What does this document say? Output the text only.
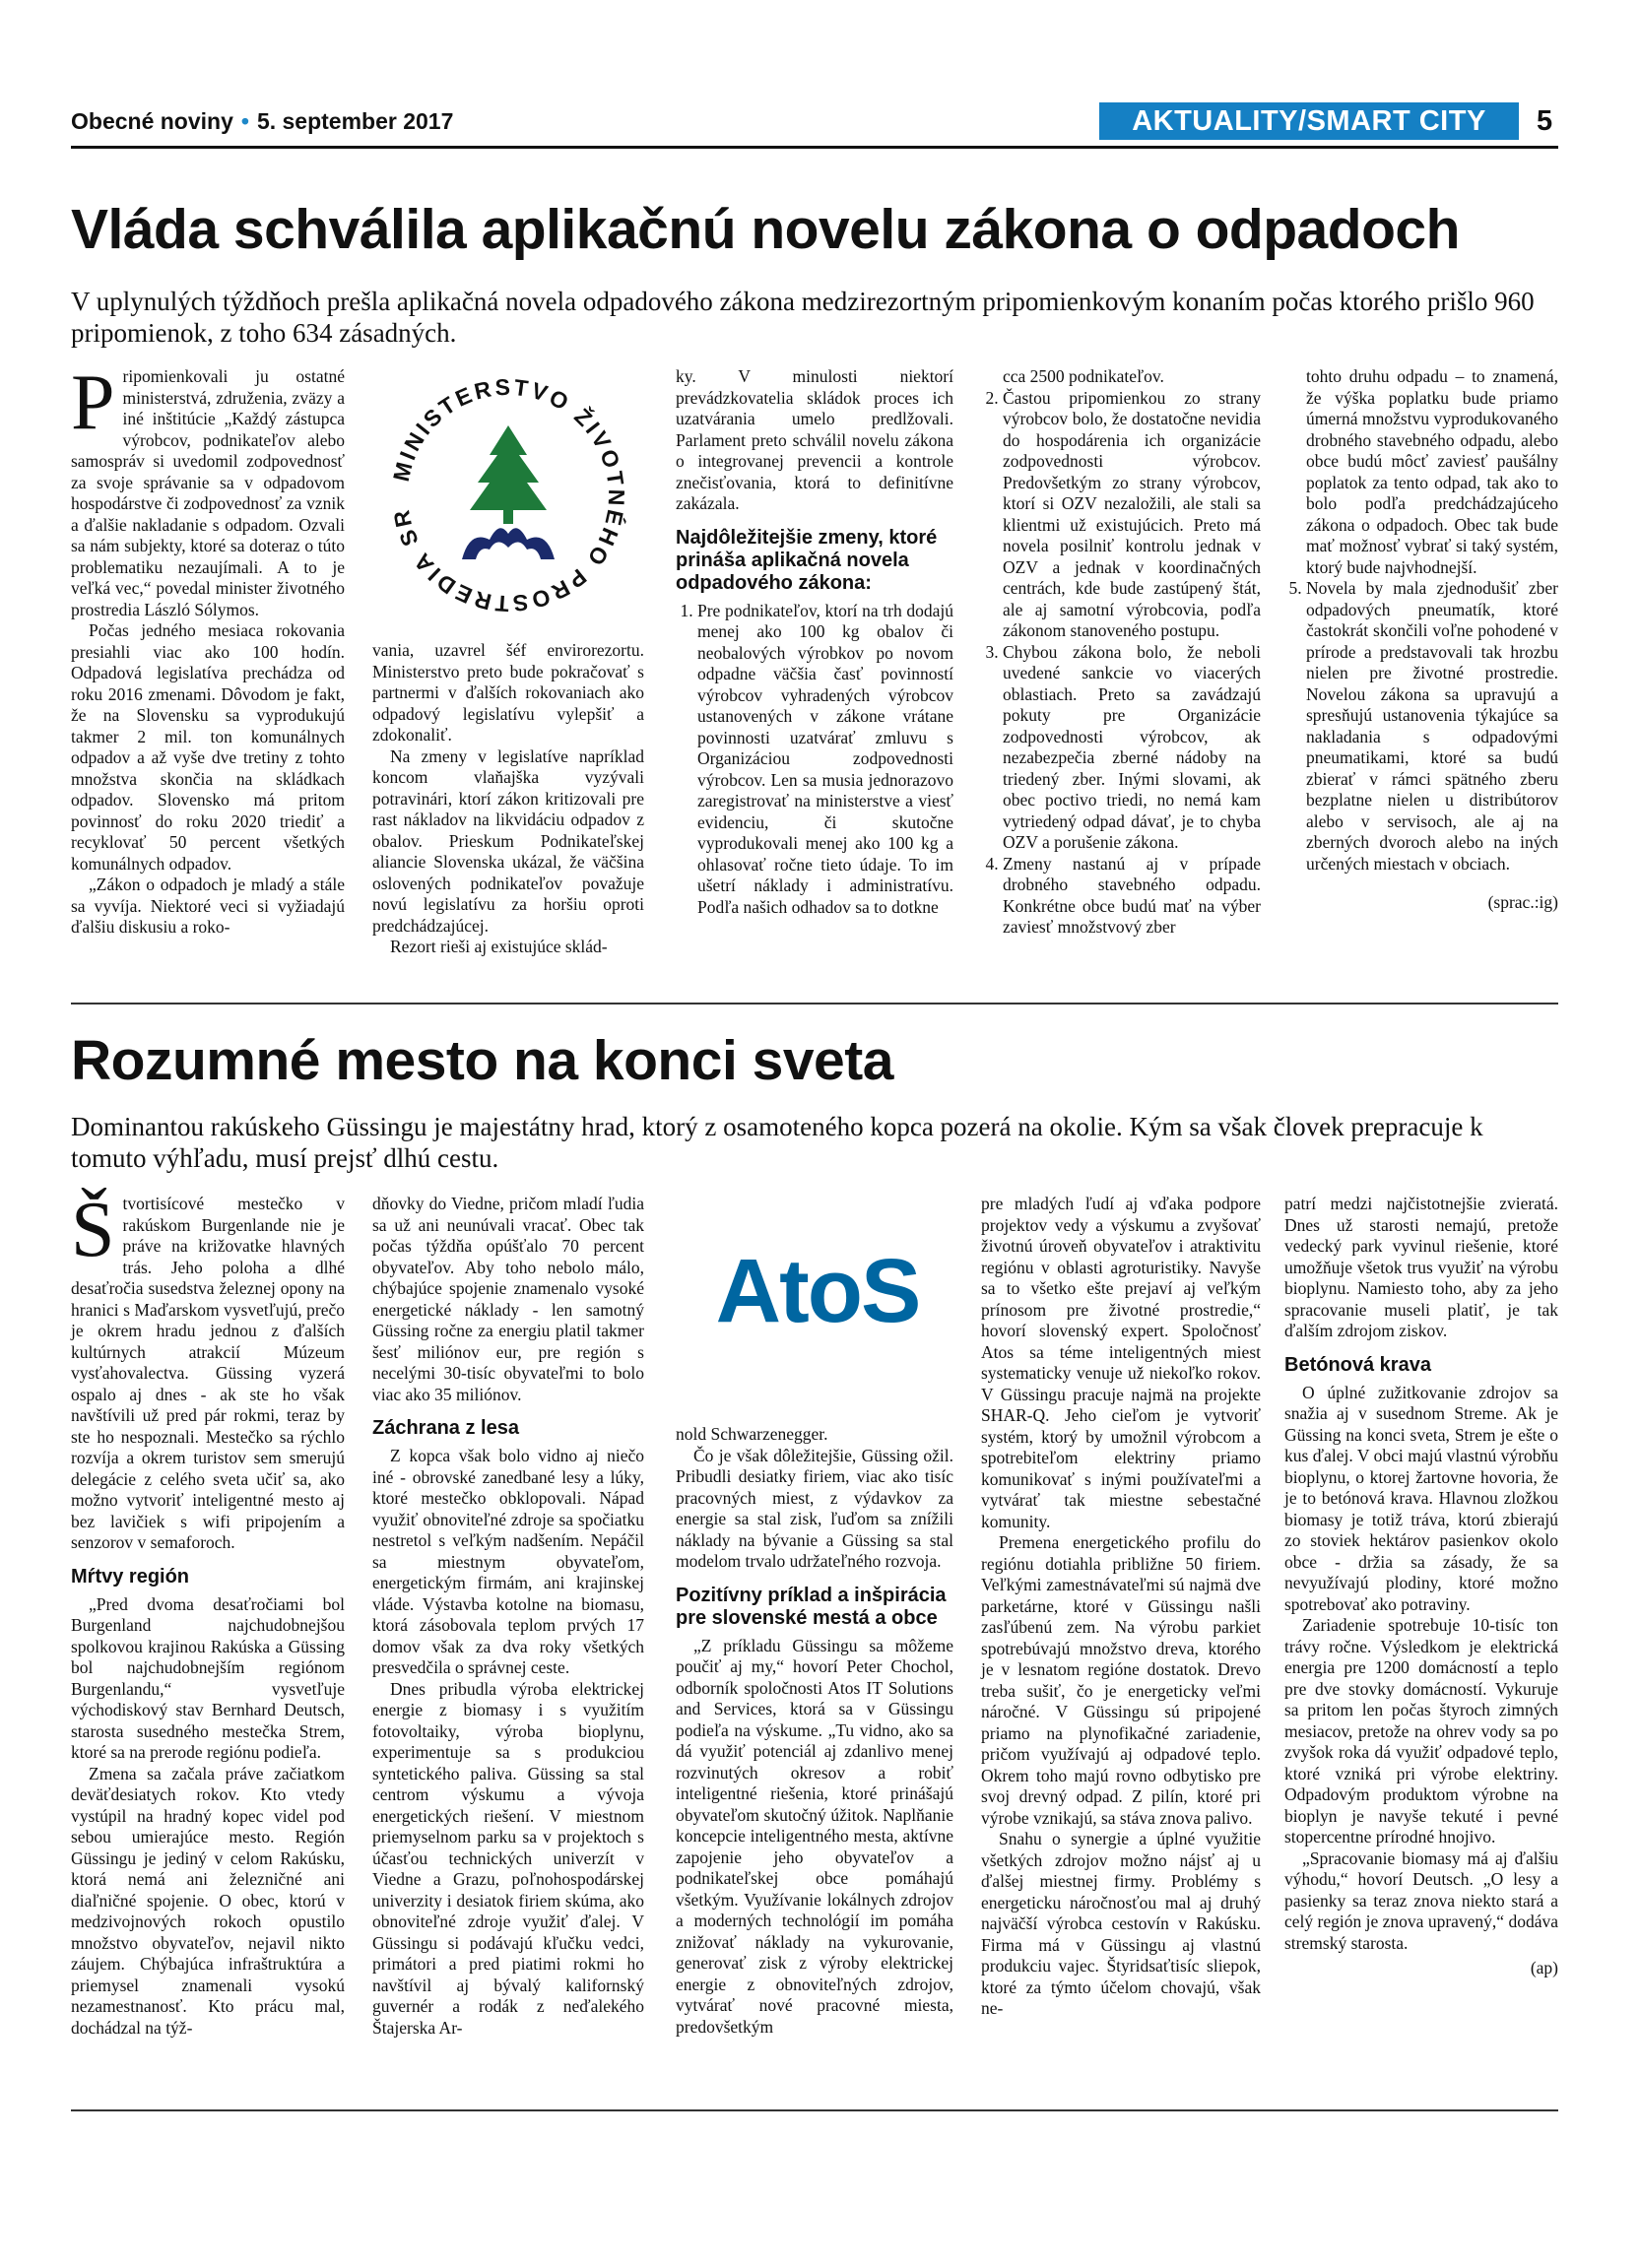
Obecné noviny • 5. september 2017	AKTUALITY/SMART CITY	5
Vláda schválila aplikačnú novelu zákona o odpadoch
V uplynulých týždňoch prešla aplikačná novela odpadového zákona medzirezortným pripomienkovým konaním počas ktorého prišlo 960 pripomienok, z toho 634 zásadných.

Pripomienkovali ju ostatné ministerstvá, združenia, zväzy a iné inštitúcie „Každý zástupca výrobcov, podnikateľov alebo samospráv si uvedomil zodpovednosť za svoje správanie sa v odpadovom hospodárstve či zodpovednosť za vznik a ďalšie nakladanie s odpadom. Ozvali sa nám subjekty, ktoré sa doteraz o túto problematiku nezaujímali. A to je veľká vec,“ povedal minister životného prostredia László Sólymos.

Počas jedného mesiaca rokovania presiahli viac ako 100 hodín. Odpadová legislatíva prechádza od roku 2016 zmenami. Dôvodom je fakt, že na Slovensku sa vyprodukujú takmer 2 mil. ton komunálnych odpadov a až vyše dve tretiny z tohto množstva skončia na skládkach odpadov. Slovensko má pritom povinnosť do roku 2020 triediť a recyklovať 50 percent všetkých komunálnych odpadov.

„Zákon o odpadoch je mladý a stále sa vyvíja. Niektoré veci si vyžiadajú ďalšiu diskusiu a roko-

MINISTERSTVO ŽIVOTNÉHO PROSTREDIA SR

vania, uzavrel šéf envirorezortu. Ministerstvo preto bude pokračovať s partnermi v ďalších rokovaniach ako odpadový legislatívu vylepšiť a zdokonaliť.

Na zmeny v legislatíve napríklad koncom vlaňajška vyzývali potravinári, ktorí zákon kritizovali pre rast nákladov na likvidáciu odpadov z obalov. Prieskum Podnikateľskej aliancie Slovenska ukázal, že väčšina oslovených podnikateľov považuje novú legislatívu za horšiu oproti predchádzajúcej.

Rezort rieši aj existujúce sklád-

ky. V minulosti niektorí prevádzkovatelia skládok proces ich uzatvárania umelo predlžovali. Parlament preto schválil novelu zákona o integrovanej prevencii a kontrole znečisťovania, ktorá to definitívne zakázala.

Najdôležitejšie zmeny, ktoré prináša aplikačná novela odpadového zákona:
1. Pre podnikateľov, ktorí na trh dodajú menej ako 100 kg obalov či neobalových výrobkov po novom odpadne väčšia časť povinností výrobcov vyhradených výrobcov ustanovených v zákone vrátane povinnosti uzatvárať zmluvu s Organizáciou zodpovednosti výrobcov. Len sa musia jednorazovo zaregistrovať na ministerstve a viesť evidenciu, či skutočne vyprodukovali menej ako 100 kg a ohlasovať ročne tieto údaje. To im ušetrí náklady i administratívu. Podľa našich odhadov sa to dotkne

cca 2500 podnikateľov.

2. Častou pripomienkou zo strany výrobcov bolo, že dostatočne nevidia do hospodárenia ich organizácie zodpovednosti výrobcov. Predovšetkým zo strany výrobcov, ktorí si OZV nezaložili, ale stali sa klientmi už existujúcich. Preto má novela posilniť kontrolu jednak v OZV a jednak v koordinačných centrách, kde bude zastúpený štát, ale aj samotní výrobcovia, podľa zákonom stanoveného postupu.
3. Chybou zákona bolo, že neboli uvedené sankcie vo viacerých oblastiach. Preto sa zavádzajú pokuty pre Organizácie zodpovednosti výrobcov, ak nezabezpečia zberné nádoby na triedený zber. Inými slovami, ak obec poctivo triedi, no nemá kam vytriedený odpad dávať, je to chyba OZV a porušenie zákona.
4. Zmeny nastanú aj v prípade drobného stavebného odpadu. Konkrétne obce budú mať na výber zaviesť množstvový zber

tohto druhu odpadu – to znamená, že výška poplatku bude priamo úmerná množstvu vyprodukovaného drobného stavebného odpadu, alebo obce budú môcť zaviesť paušálny poplatok za tento odpad, tak ako to bolo podľa predchádzajúceho zákona o odpadoch. Obec tak bude mať možnosť vybrať si taký systém, ktorý bude najvhodnejší.

5. Novela by mala zjednodušiť zber odpadových pneumatík, ktoré častokrát skončili voľne pohodené v prírode a predstavovali tak hrozbu nielen pre životné prostredie. Novelou zákona sa upravujú a spresňujú ustanovenia týkajúce sa nakladania s odpadovými pneumatikami, ktoré sa budú zbierať v rámci spätného zberu bezplatne nielen u distribútorov alebo v servisoch, ale aj na zberných dvoroch alebo na iných určených miestach v obciach.
(sprac.:ig)
Rozumné mesto na konci sveta
Dominantou rakúskeho Güssingu je majestátny hrad, ktorý z osamoteného kopca pozerá na okolie. Kým sa však človek prepracuje k tomuto výhľadu, musí prejsť dlhú cestu.

Štvortisícové mestečko v rakúskom Burgenlande nie je práve na križovatke hlavných trás. Jeho poloha a dlhé desaťročia susedstva železnej opony na hranici s Maďarskom vysvetľujú, prečo je okrem hradu jednou z ďalších kultúrnych atrakcií Múzeum vysťahovalectva. Güssing vyzerá ospalo aj dnes - ak ste ho však navštívili už pred pár rokmi, teraz by ste ho nespoznali. Mestečko sa rýchlo rozvíja a okrem turistov sem smerujú delegácie z celého sveta učiť sa, ako možno vytvoriť inteligentné mesto aj bez lavičiek s wifi pripojením a senzorov v semaforoch.

Mŕtvy región

„Pred dvoma desaťročiami bol Burgenland najchudobnejšou spolkovou krajinou Rakúska a Güssing bol najchudobnejším regiónom Burgenlandu,“ vysvetľuje východiskový stav Bernhard Deutsch, starosta susedného mestečka Strem, ktoré sa na prerode regiónu podieľa.

Zmena sa začala práve začiatkom deväťdesiatych rokov. Kto vtedy vystúpil na hradný kopec videl pod sebou umierajúce mesto. Región Güssingu je jediný v celom Rakúsku, ktorá nemá ani železničné ani diaľničné spojenie. O obec, ktorú v medzivojnových rokoch opustilo množstvo obyvateľov, nejavil nikto záujem. Chýbajúca infraštruktúra a priemysel znamenali vysokú nezamestnanosť. Kto prácu mal, dochádzal na týž-

dňovky do Viedne, pričom mladí ľudia sa už ani neunúvali vracať. Obec tak počas týždňa opúšťalo 70 percent obyvateľov. Aby toho nebolo málo, chýbajúce spojenie znamenalo vysoké energetické náklady - len samotný Güssing ročne za energiu platil takmer šesť miliónov eur, pre región s necelými 30-tisíc obyvateľmi to bolo viac ako 35 miliónov.

Záchrana z lesa

Z kopca však bolo vidno aj niečo iné - obrovské zanedbané lesy a lúky, ktoré mestečko obklopovali. Nápad využiť obnoviteľné zdroje sa spočiatku nestretol s veľkým nadšením. Nepáčil sa miestnym obyvateľom, energetickým firmám, ani krajinskej vláde. Výstavba kotolne na biomasu, ktorá zásobovala teplom prvých 17 domov však za dva roky všetkých presvedčila o správnej ceste.

Dnes pribudla výroba elektrickej energie z biomasy i s využitím fotovoltaiky, výroba bioplynu, experimentuje sa s produkciou syntetického paliva. Güssing sa stal centrom výskumu a vývoja energetických riešení. V miestnom priemyselnom parku sa v projektoch s účasťou technických univerzít v Viedne a Grazu, poľnohospodárskej univerzity i desiatok firiem skúma, ako obnoviteľné zdroje využiť ďalej. V Güssingu si podávajú kľučku vedci, primátori a pred piatimi rokmi ho navštívil aj bývalý kalifornský guvernér a rodák z neďalekého Štajerska Ar-

AtoS

nold Schwarzenegger.

Čo je však dôležitejšie, Güssing ožil. Pribudli desiatky firiem, viac ako tisíc pracovných miest, z výdavkov za energie sa stal zisk, ľuďom sa znížili náklady na bývanie a Güssing sa stal modelom trvalo udržateľného rozvoja.

Pozitívny príklad a inšpirácia pre slovenské mestá a obce

„Z príkladu Güssingu sa môžeme poučiť aj my,“ hovorí Peter Chochol, odborník spoločnosti Atos IT Solutions and Services, ktorá sa v Güssingu podieľa na výskume. „Tu vidno, ako sa dá využiť potenciál aj zdanlivo menej rozvinutých okresov a robiť inteligentné riešenia, ktoré prinášajú obyvateľom skutočný úžitok. Naplňanie koncepcie inteligentného mesta, aktívne zapojenie jeho obyvateľov a podnikateľskej obce pomáhajú všetkým. Využívanie lokálnych zdrojov a moderných technológií im pomáha znižovať náklady na vykurovanie, generovať zisk z výroby elektrickej energie z obnoviteľných zdrojov, vytvárať nové pracovné miesta, predovšetkým

pre mladých ľudí aj vďaka podpore projektov vedy a výskumu a zvyšovať životnú úroveň obyvateľov i atraktivitu regiónu v oblasti agroturistiky. Navyše sa to všetko ešte prejaví aj veľkým prínosom pre životné prostredie,“ hovorí slovenský expert. Spoločnosť Atos sa téme inteligentných miest systematicky venuje už niekoľko rokov. V Güssingu pracuje najmä na projekte SHAR-Q. Jeho cieľom je vytvoriť systém, ktorý by umožnil výrobcom a spotrebiteľom elektriny priamo komunikovať s inými používateľmi a vytvárať tak miestne sebestačné komunity.

Premena energetického profilu do regiónu dotiahla približne 50 firiem. Veľkými zamestnávateľmi sú najmä dve parketárne, ktoré v Güssingu našli zasľúbenú zem. Na výrobu parkiet spotrebúvajú množstvo dreva, ktorého je v lesnatom regióne dostatok. Drevo treba sušiť, čo je energeticky veľmi náročné. V Güssingu sú pripojené priamo na plynofikačné zariadenie, pričom využívajú aj odpadové teplo. Okrem toho majú rovno odbytisko pre svoj drevný odpad. Z pilín, ktoré pri výrobe vznikajú, sa stáva znova palivo.

Snahu o synergie a úplné využitie všetkých zdrojov možno nájsť aj u ďalšej miestnej firmy. Problémy s energeticku náročnosťou mal aj druhý najväčší výrobca cestovín v Rakúsku. Firma má v Güssingu aj vlastnú produkciu vajec. Štyridsaťtisíc sliepok, ktoré za týmto účelom chovajú, však ne-

patrí medzi najčistotnejšie zvieratá. Dnes už starosti nemajú, pretože vedecký park vyvinul riešenie, ktoré umožňuje všetok trus využiť na výrobu bioplynu. Namiesto toho, aby za jeho spracovanie museli platiť, je tak ďalším zdrojom ziskov.

Betónová krava

O úplné zužitkovanie zdrojov sa snažia aj v susednom Streme. Ak je Güssing na konci sveta, Strem je ešte o kus ďalej. V obci majú vlastnú výrobňu bioplynu, o ktorej žartovne hovoria, že je to betónová krava. Hlavnou zložkou biomasy je totiž tráva, ktorú zbierajú zo stoviek hektárov pasienkov okolo obce - držia sa zásady, že sa nevyužívajú plodiny, ktoré možno spotrebovať ako potraviny.

Zariadenie spotrebuje 10-tisíc ton trávy ročne. Výsledkom je elektrická energia pre 1200 domácností a teplo pre dve stovky domácností. Vykuruje sa pritom len počas štyroch zimných mesiacov, pretože na ohrev vody sa po zvyšok roka dá využiť odpadové teplo, ktoré vzniká pri výrobe elektriny. Odpadovým produktom výrobne na bioplyn je navyše tekuté i pevné stopercentne prírodné hnojivo.

„Spracovanie biomasy má aj ďalšiu výhodu,“ hovorí Deutsch. „O lesy a pasienky sa teraz znova niekto stará a celý región je znova upravený,“ dodáva stremský starosta.

(ap)
